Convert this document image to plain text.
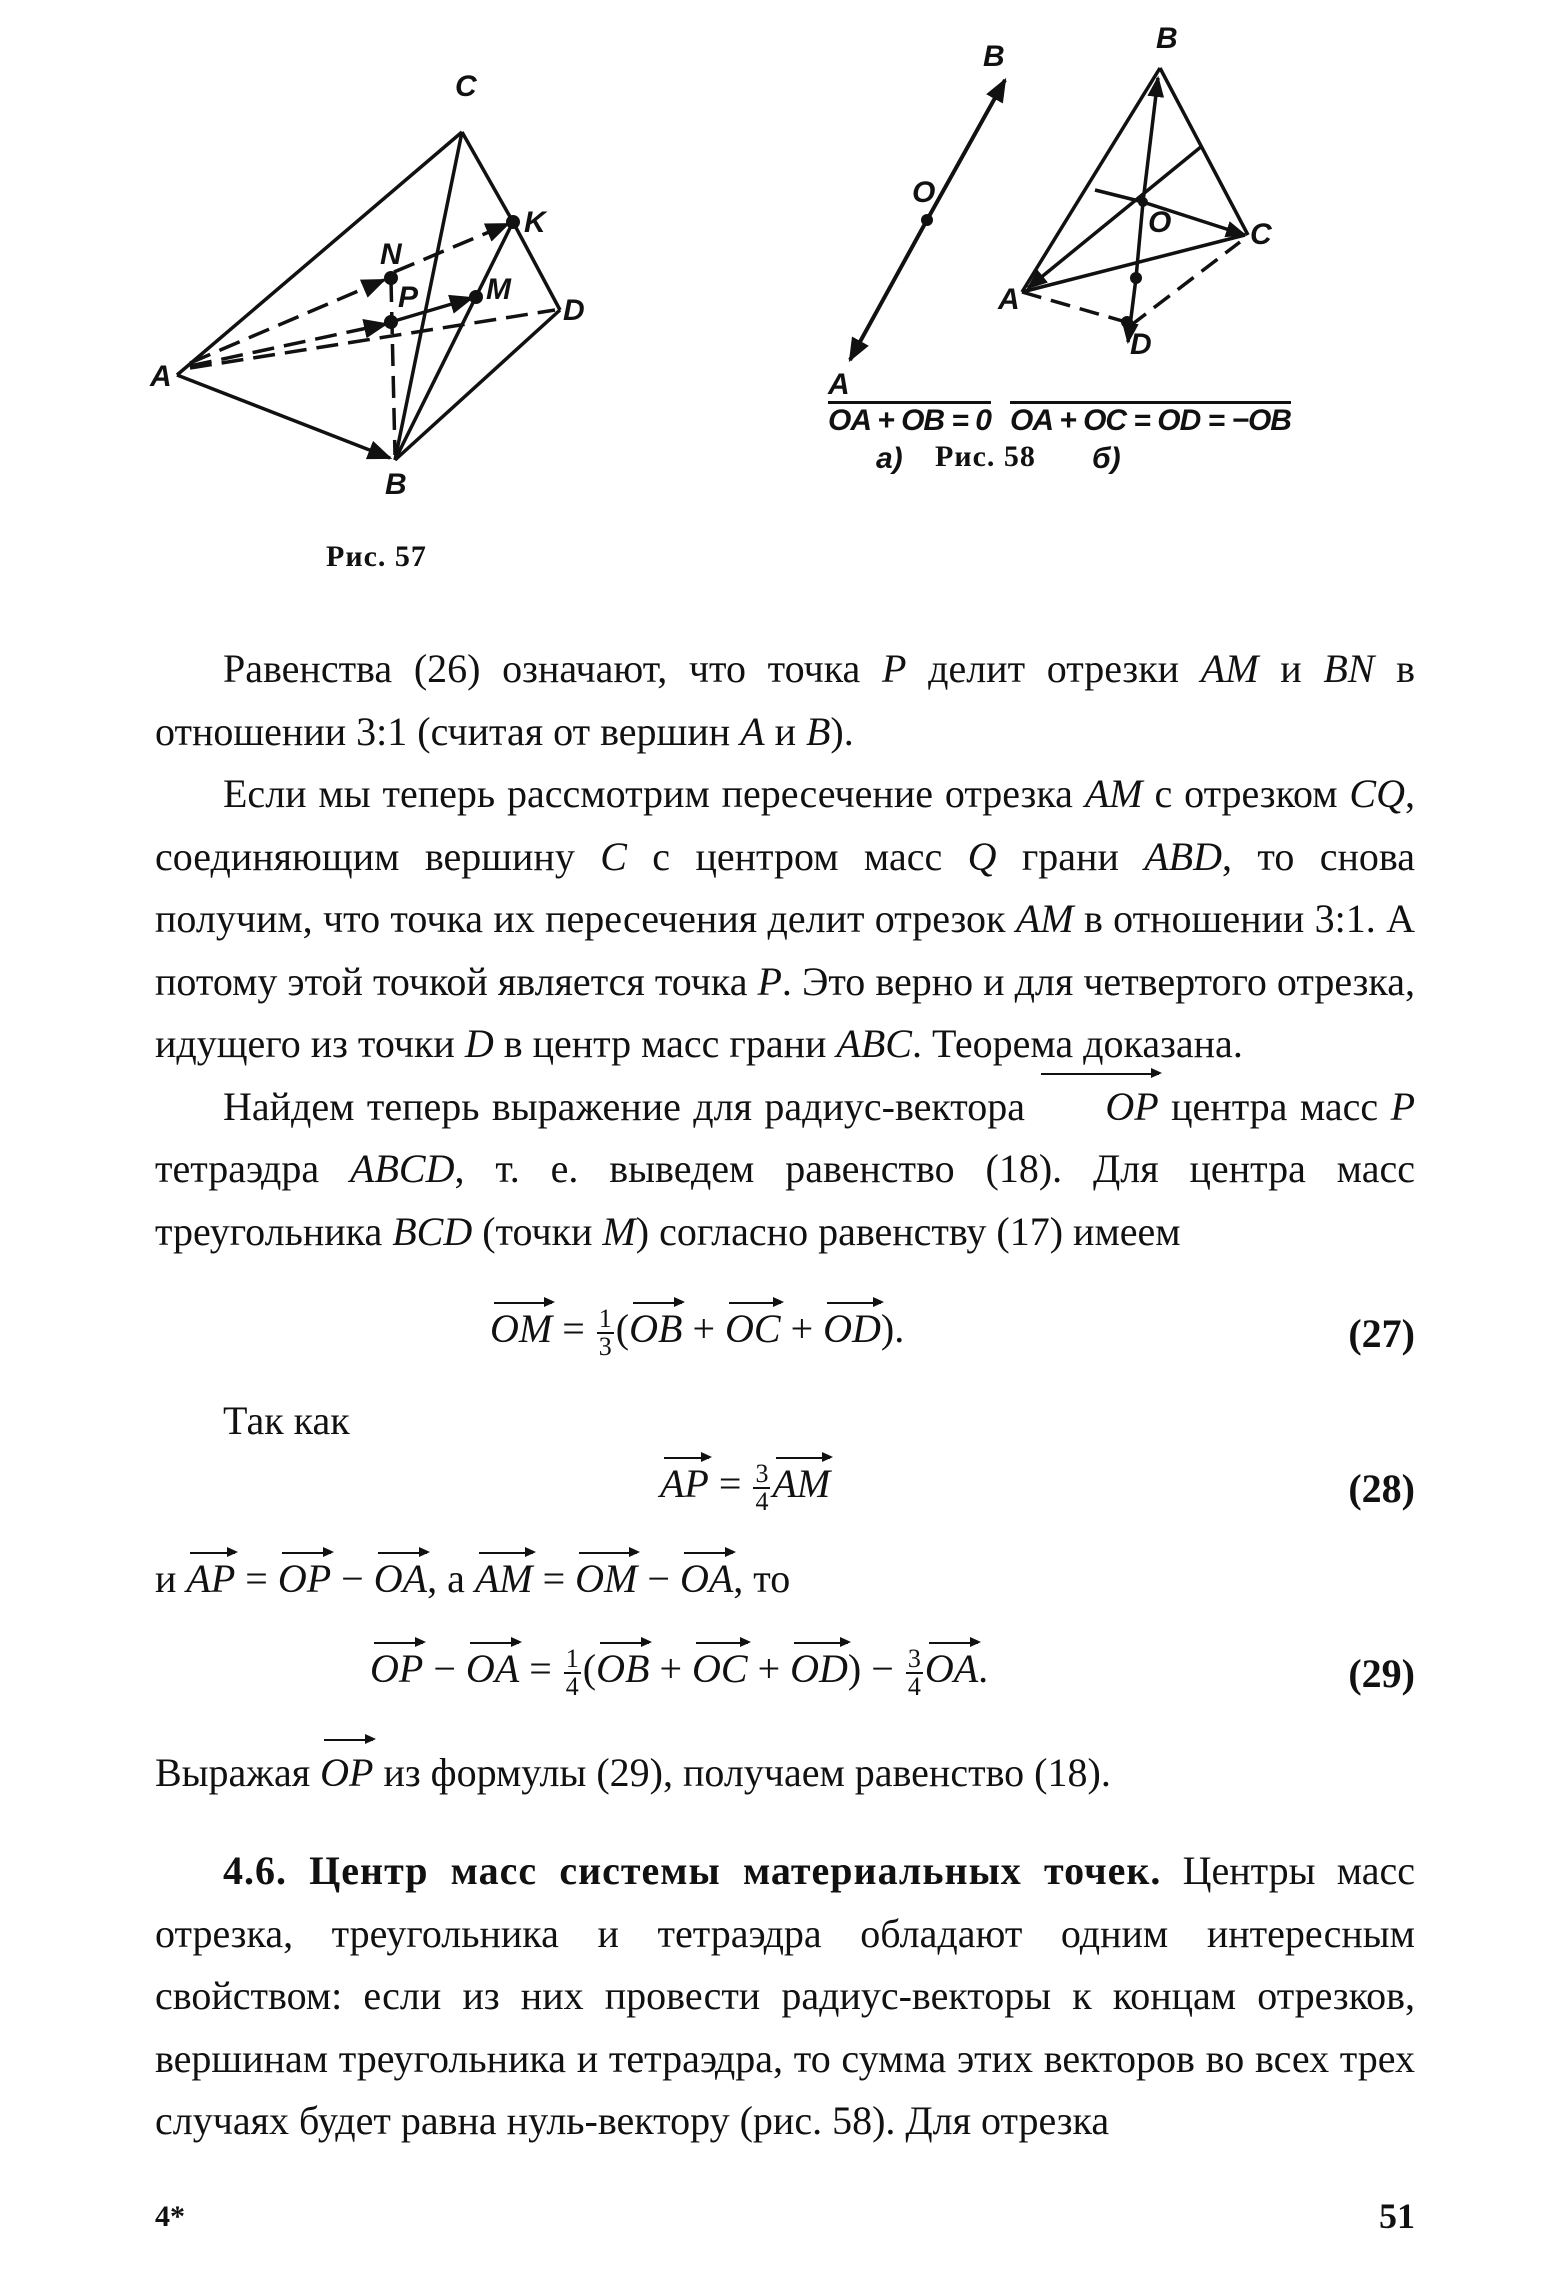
C
K
N
P M
D
A
B
Рис. 57
B
O
A
B
O	C
A
D
OA + OB = 0 OA + OC = OD = −OB
а)	б)
Рис. 58

Равенства (26) означают, что точка P делит отрезки AM и BN в отношении 3:1 (считая от вершин A и B).

Если мы теперь рассмотрим пересечение отрезка AM с отрезком CQ, соединяющим вершину C с центром масс Q грани ABD, то снова получим, что точка их пересечения делит отрезок AM в отношении 3:1. А потому этой точкой является точка P. Это верно и для четвертого отрезка, идущего из точки D в центр масс грани ABC. Теорема доказана.

Найдем теперь выражение для радиус-вектора OP центра масс P тетраэдра ABCD, т. е. выведем равенство (18). Для центра масс треугольника BCD (точки M) согласно равенству (17) имеем

OM = $\frac{1}{3} (OB$ + OC + OD).	(27)

Так как

AP = $\frac{3}{4}$ AM	(28)
и AP = OP − OA, а AM = OM − OA, то
OP − OA = $\frac{1}{4} (OB$ + OC + $OD) - \frac{3}{4}$ OA.	(29)

Выражая OP из формулы (29), получаем равенство (18).

4.6. Центр масс системы материальных точек. Центры масс отрезка, треугольника и тетраэдра обладают одним интересным свойством: если из них провести радиус-векторы к концам отрезков, вершинам треугольника и тетраэдра, то сумма этих векторов во всех трех случаях будет равна нуль-вектору (рис. 58). Для отрезка

4*	51
